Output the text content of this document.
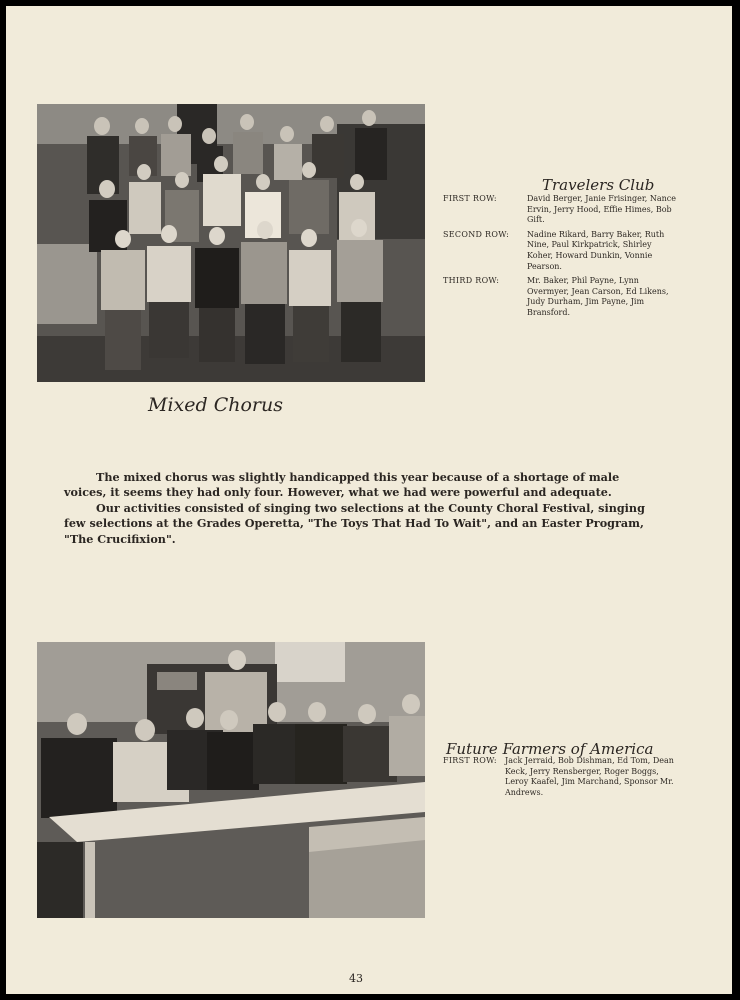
Travelers Club
FIRST ROW:	David Berger, Janie Frisinger, Nance Ervin, Jerry Hood, Effie Himes, Bob Gift.
SECOND ROW:	Nadine Rikard, Barry Baker, Ruth Nine, Paul Kirkpatrick, Shirley Koher, Howard Dunkin, Vonnie Pearson.
THIRD ROW:	Mr. Baker, Phil Payne, Lynn Overmyer, Jean Carson, Ed Likens, Judy Durham, Jim Payne, Jim Bransford.
Mixed Chorus

The mixed chorus was slightly handicapped this year because of a shortage of male voices, it seems they had only four. However, what we had were powerful and adequate.

Our activities consisted of singing two selections at the County Choral Festival, singing few selections at the Grades Operetta, "The Toys That Had To Wait", and an Easter Program, "The Crucifixion".

Future Farmers of America
FIRST ROW:	Jack Jerraid, Bob Dishman, Ed Tom, Dean Keck, Jerry Rensberger, Roger Boggs, Leroy Kaafel, Jim Marchand, Sponsor Mr. Andrews.
43
